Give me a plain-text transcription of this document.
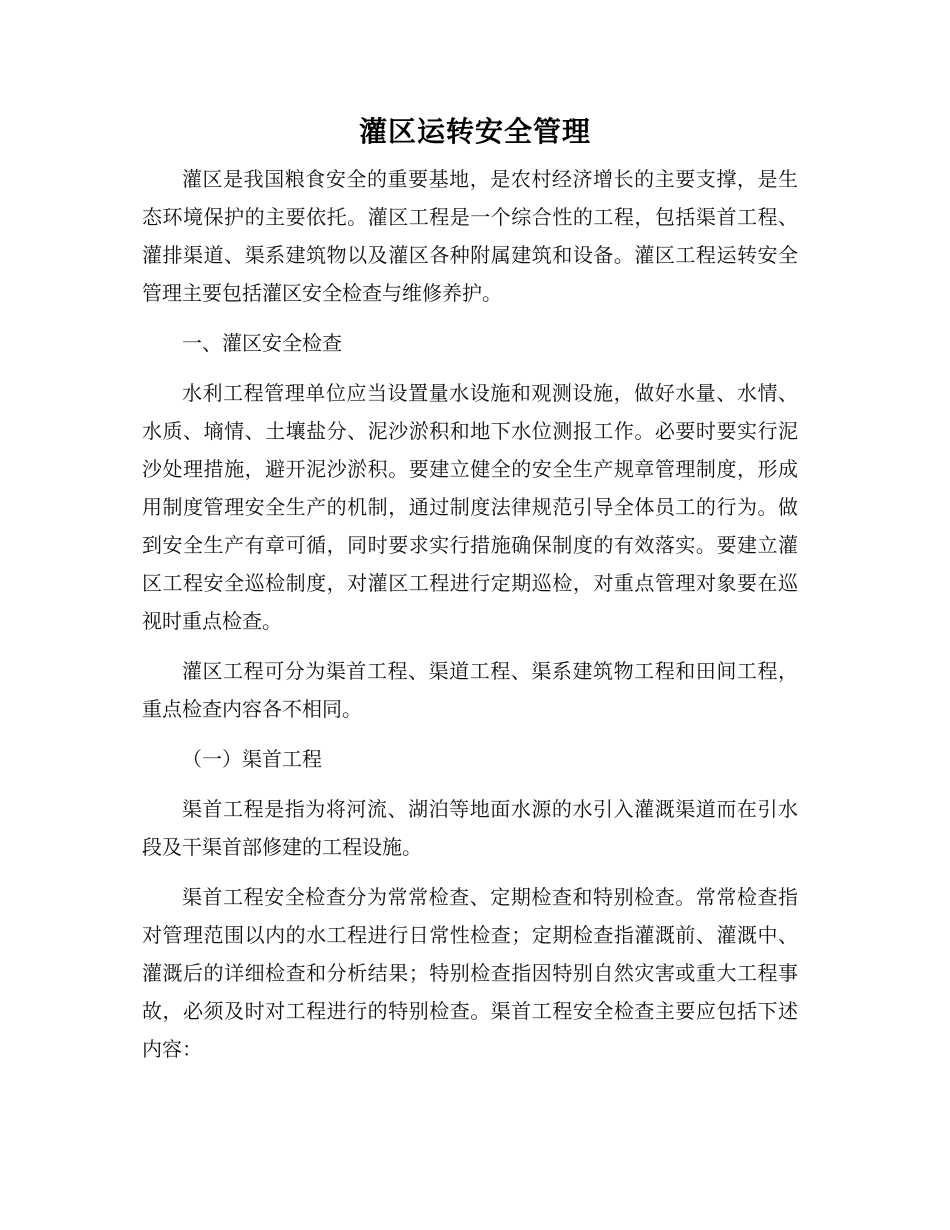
灌区运转安全管理

灌区是我国粮食安全的重要基地，是农村经济增长的主要支撑，是生态环境保护的主要依托。灌区工程是一个综合性的工程，包括渠首工程、灌排渠道、渠系建筑物以及灌区各种附属建筑和设备。灌区工程运转安全管理主要包括灌区安全检查与维修养护。

一、灌区安全检查

水利工程管理单位应当设置量水设施和观测设施，做好水量、水情、水质、墒情、土壤盐分、泥沙淤积和地下水位测报工作。必要时要实行泥沙处理措施，避开泥沙淤积。要建立健全的安全生产规章管理制度，形成用制度管理安全生产的机制，通过制度法律规范引导全体员工的行为。做到安全生产有章可循，同时要求实行措施确保制度的有效落实。要建立灌区工程安全巡检制度，对灌区工程进行定期巡检，对重点管理对象要在巡视时重点检查。

灌区工程可分为渠首工程、渠道工程、渠系建筑物工程和田间工程，重点检查内容各不相同。

（一）渠首工程

渠首工程是指为将河流、湖泊等地面水源的水引入灌溉渠道而在引水段及干渠首部修建的工程设施。

渠首工程安全检查分为常常检查、定期检查和特别检查。常常检查指对管理范围以内的水工程进行日常性检查；定期检查指灌溉前、灌溉中、灌溉后的详细检查和分析结果；特别检查指因特别自然灾害或重大工程事故，必须及时对工程进行的特别检查。渠首工程安全检查主要应包括下述内容：
